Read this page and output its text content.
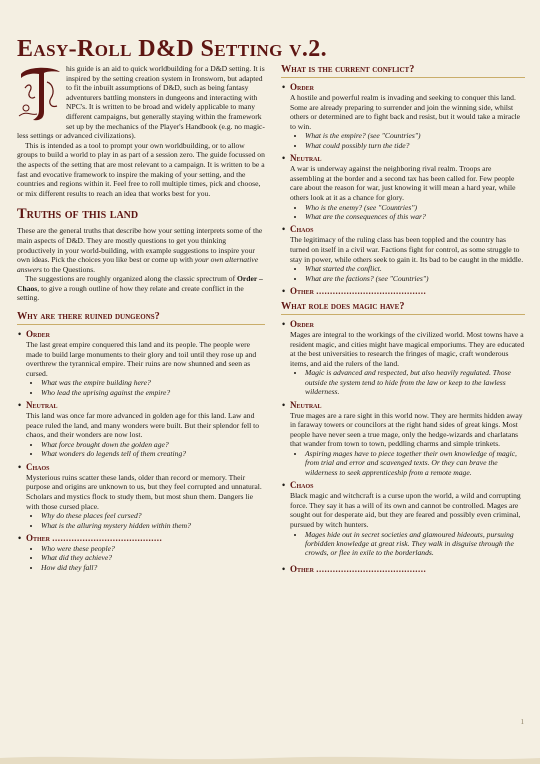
Easy-Roll D&D Setting v.2.

his guide is an aid to quick worldbuilding for a D&D setting. It is inspired by the setting creation system in Ironsworn, but adapted to fit the inbuilt assumptions of D&D, such as being fantasy adventurers battling monsters in dungeons and interacting with NPC's. It is written to be broad and widely applicable to many different campaigns, but generally staying within the framework set up by the mechanics of the Player's Handbook (e.g. no magic-less settings or advanced civilizations).

This is intended as a tool to prompt your own worldbuilding, or to allow groups to build a world to play in as part of a session zero. The guide focussed on the aspects of the setting that are most relevant to a campaign. It is written to be a fast and evocative framework to inspire the making of your setting, and the countries and regions within it. Feel free to roll multiple times, pick and choose, or mix different results to reach an idea that works best for you.

Truths of this land

These are the general truths that describe how your setting interprets some of the main aspects of D&D. They are mostly questions to get you thinking productively in your world-building, with example suggestions to inspire your own ideas. Pick the choices you like best or come up with your own alternative answers to the Questions.

The suggestions are roughly organized along the classic sprectrum of Order – Chaos, to give a rough outline of how they relate and create conflict in the setting.

Why are there ruined dungeons?
• Order

The last great empire conquered this land and its people. The people were made to build large monuments to their glory and toil until they rose up and overthrew the tyrannical empire. Their ruins are now shunned and seen as cursed.

• What was the empire building here?
• Who lead the uprising against the empire?
• Neutral

This land was once far more advanced in golden age for this land. Law and peace ruled the land, and many wonders were built. But their splendor fell to chaos, and their wonders are now lost.

• What force brought down the golden age?
• What wonders do legends tell of them creating?
• Chaos

Mysterious ruins scatter these lands, older than record or memory. Their purpose and origins are unknown to us, but they feel corrupted and unnatural. Scholars and mystics flock to study them, but most shun them. Dangers lie with those cursed place.

• Why do these places feel cursed?
• What is the alluring mystery hidden within them?
• Other ........................................
• Who were these people?
• What did they achieve?
• How did they fall?
What is the current conflict?
• Order

A hostile and powerful realm is invading and seeking to conquer this land. Some are already preparing to surrender and join the winning side, whilst others or determined are to fight back and resist, but it would take a miracle to win.

• What is the empire? (see "Countries")
• What could possibly turn the tide?
• Neutral

A war is underway against the neighboring rival realm. Troops are assembling at the border and a second tax has been called for. Few people care about the reason for war, just knowing it will mean a hard year, while others look at it as a chance for glory.

• Who is the enemy? (see "Countries")
• What are the consequences of this war?
• Chaos

The legitimacy of the ruling class has been toppled and the country has turned on itself in a civil war. Factions fight for control, as some struggle to stay in power, while others seek to gain it. Its bad to be caught in the middle.

• What started the conflict.
• What are the factions? (see "Countries")
• Other ........................................
What role does magic have?
• Order

Mages are integral to the workings of the civilized world. Most towns have a resident magic, and cities might have magical emporiums. They are educated at the best universities to research the fringes of magic, craft wonderous items, and aid the rulers of the land.

• Magic is advanced and respected, but also heavily regulated. Those outside the system tend to hide from the law or keep to the lawless wilderness.
• Neutral

True mages are a rare sight in this world now. They are hermits hidden away in faraway towers or councilors at the right hand sides of great kings. Most people have never seen a true mage, only the hedge-wizards and charlatans that wander from town to town, peddling charms and simple trinkets.

• Aspiring mages have to piece together their own knowledge of magic, from trial and error and scavenged texts. Or they can brave the wilderness to seek apprenticeship from a remote mage.
• Chaos

Black magic and witchcraft is a curse upon the world, a wild and corrupting force. They say it has a will of its own and cannot be controlled. Mages are sought out for desperate aid, but they are feared and possibly even criminal, pursued by witch hunters.

• Mages hide out in secret societies and glamoured hideouts, pursuing forbidden knowledge at great risk. They walk in disguise through the crowds, or flee in exile to the borderlands.
• Other ........................................
1
